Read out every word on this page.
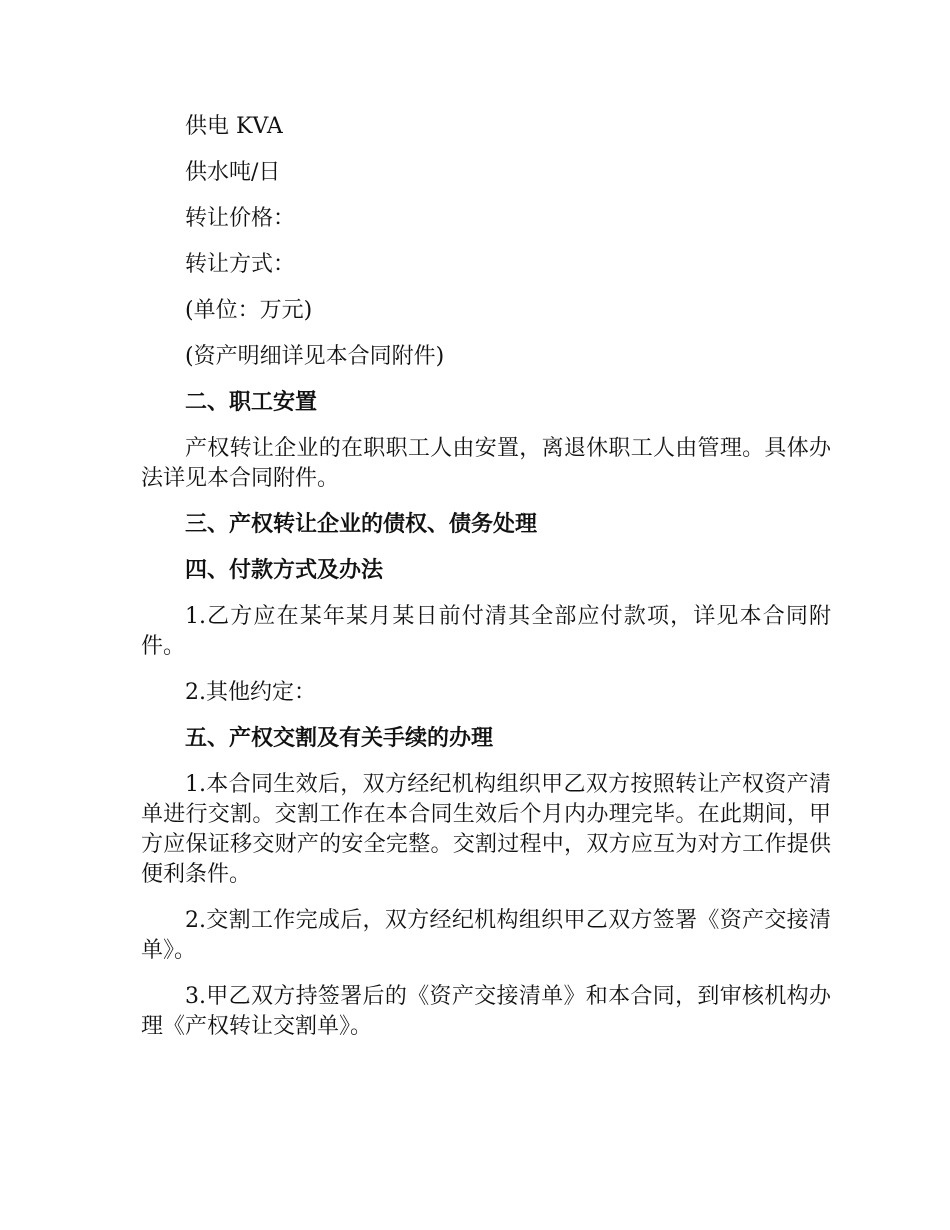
供电 KVA

供水吨/日

转让价格：

转让方式：

(单位：万元)

(资产明细详见本合同附件)

二、职工安置

产权转让企业的在职职工人由安置，离退休职工人由管理。具体办法详见本合同附件。

三、产权转让企业的债权、债务处理

四、付款方式及办法

1.乙方应在某年某月某日前付清其全部应付款项，详见本合同附件。

2.其他约定：

五、产权交割及有关手续的办理

1.本合同生效后，双方经纪机构组织甲乙双方按照转让产权资产清单进行交割。交割工作在本合同生效后个月内办理完毕。在此期间，甲方应保证移交财产的安全完整。交割过程中，双方应互为对方工作提供便利条件。

2.交割工作完成后，双方经纪机构组织甲乙双方签署《资产交接清单》。

3.甲乙双方持签署后的《资产交接清单》和本合同，到审核机构办理《产权转让交割单》。
